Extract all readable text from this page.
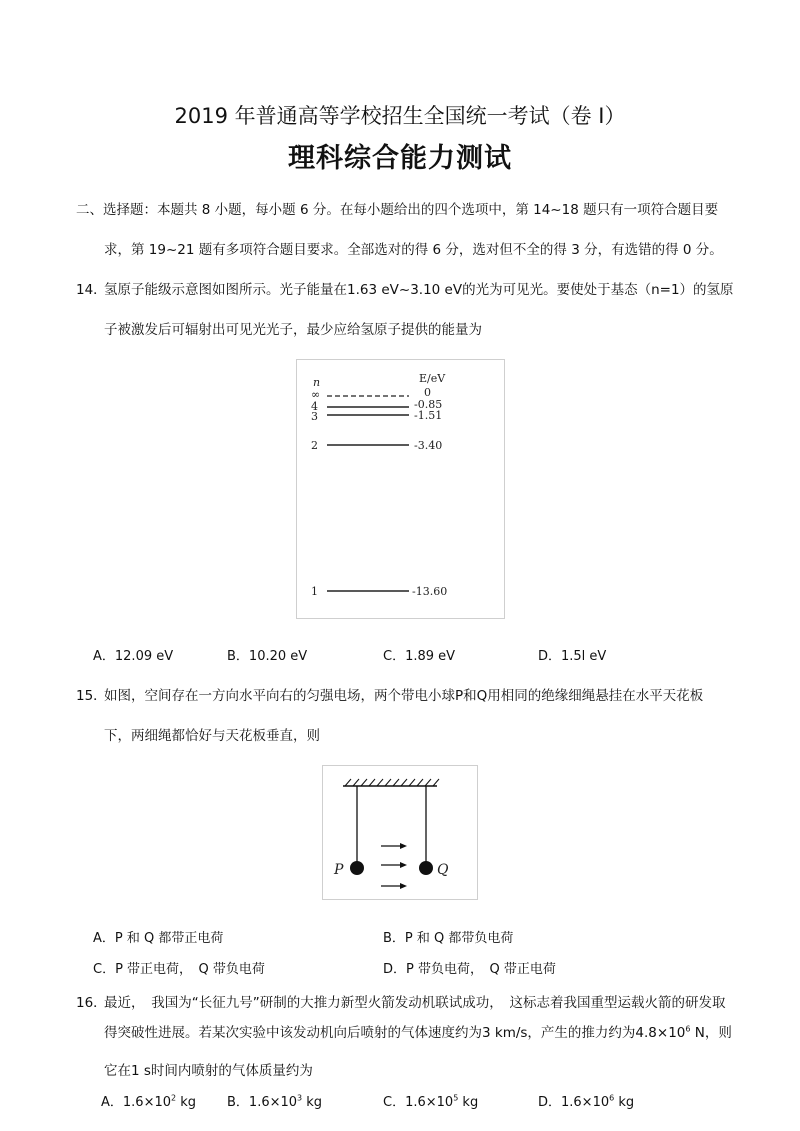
2019 年普通高等学校招生全国统一考试（卷 I）
理科综合能力测试
二、选择题：本题共 8 小题，每小题 6 分。在每小题给出的四个选项中，第 14~18 题只有一项符合题目要
求，第 19~21 题有多项符合题目要求。全部选对的得 6 分，选对但不全的得 3 分，有选错的得 0 分。
14．
氢原子能级示意图如图所示。光子能量在1.63 eV~3.10 eV的光为可见光。要使处于基态（n=1）的氢原
子被激发后可辐射出可见光光子，最少应给氢原子提供的能量为
n	E/eV
∞	0
4	-0.85
3	-1.51
2	-3.40
1	-13.60
A．12.09 eV	B．10.20 eV	C．1.89 eV	D．1.5l eV
15．
如图，空间存在一方向水平向右的匀强电场，两个带电小球P和Q用相同的绝缘细绳悬挂在水平天花板
下，两细绳都恰好与天花板垂直，则
P	Q
A．P 和 Q 都带正电荷	B．P 和 Q 都带负电荷
C．P 带正电荷，　Q 带负电荷	D．P 带负电荷，　Q 带正电荷
16．
最近，　我国为“长征九号”研制的大推力新型火箭发动机联试成功，　这标志着我国重型运载火箭的研发取
得突破性进展。若某次实验中该发动机向后喷射的气体速度约为3 km/s，产生的推力约为$4.8\times 10^6$ N，则
它在1 s时间内喷射的气体质量约为
A．$1.6\times 10^2$ kg B．$1.6\times 10^3$ kg	C．$1.6\times 10^5$ kg	D．$1.6\times 10^6$ kg
